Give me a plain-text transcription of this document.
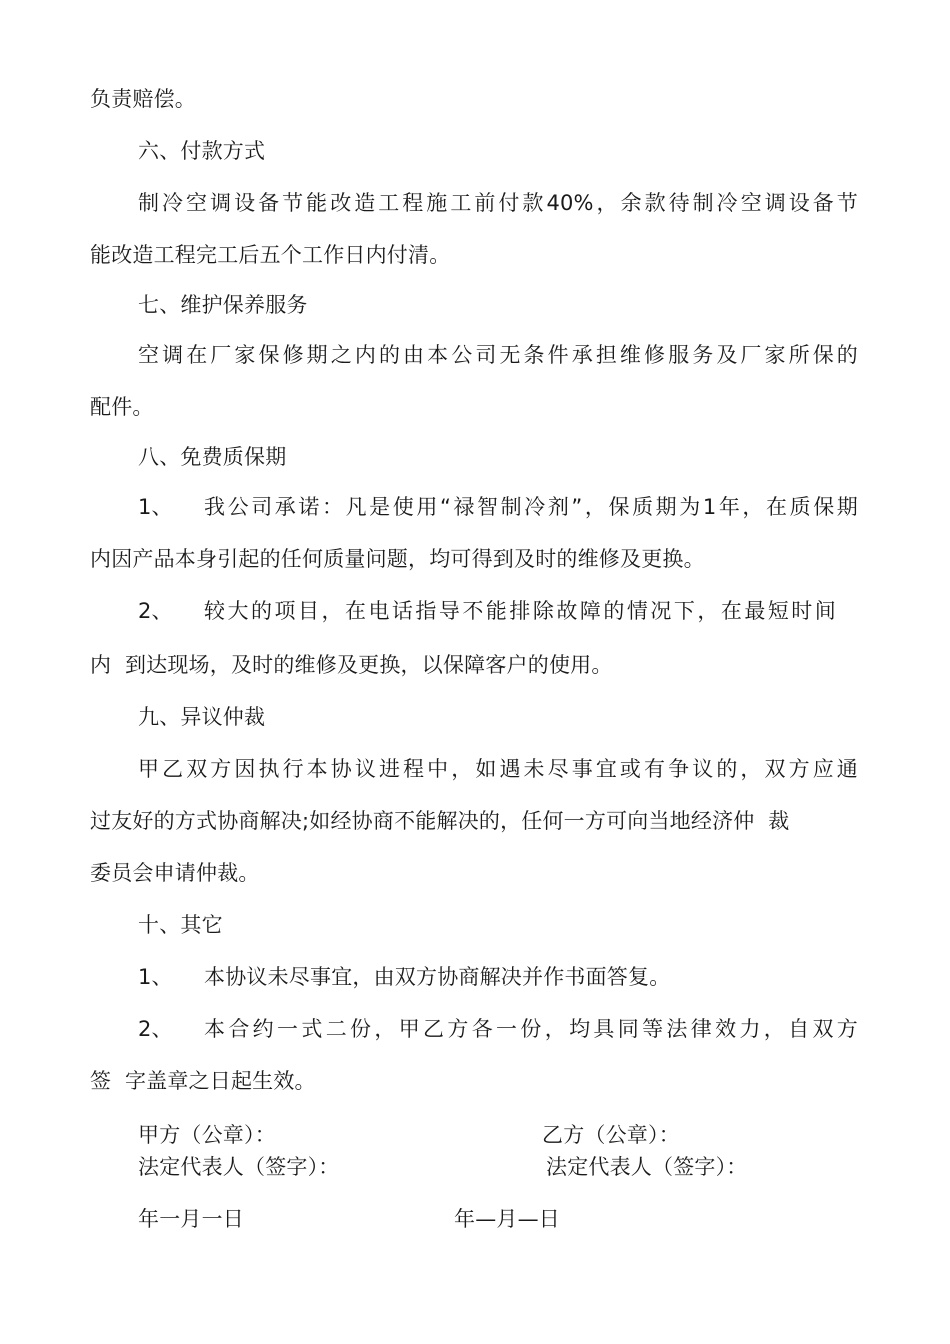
负责赔偿。
六、付款方式
制冷空调设备节能改造工程施工前付款40%，余款待制冷空调设备节
能改造工程完工后五个工作日内付清。
七、维护保养服务
空调在厂家保修期之内的由本公司无条件承担维修服务及厂家所保的
配件。
八、免费质保期
1、 我公司承诺：凡是使用“禄智制冷剂”，保质期为1年，在质保期
内因产品本身引起的任何质量问题，均可得到及时的维修及更换。
2、 较大的项目，在电话指导不能排除故障的情况下，在最短时间
内  到达现场，及时的维修及更换，以保障客户的使用。
九、异议仲裁
甲乙双方因执行本协议进程中，如遇未尽事宜或有争议的，双方应通
过友好的方式协商解决;如经协商不能解决的，任何一方可向当地经济仲  裁
委员会申请仲裁。
十、其它
1、 本协议未尽事宜，由双方协商解决并作书面答复。
2、 本合约一式二份，甲乙方各一份，均具同等法律效力，自双方
签  字盖章之日起生效。
甲方（公章）：	乙方（公章）：
法定代表人（签字）：	法定代表人（签字）：
年一月一日	年—月—日
